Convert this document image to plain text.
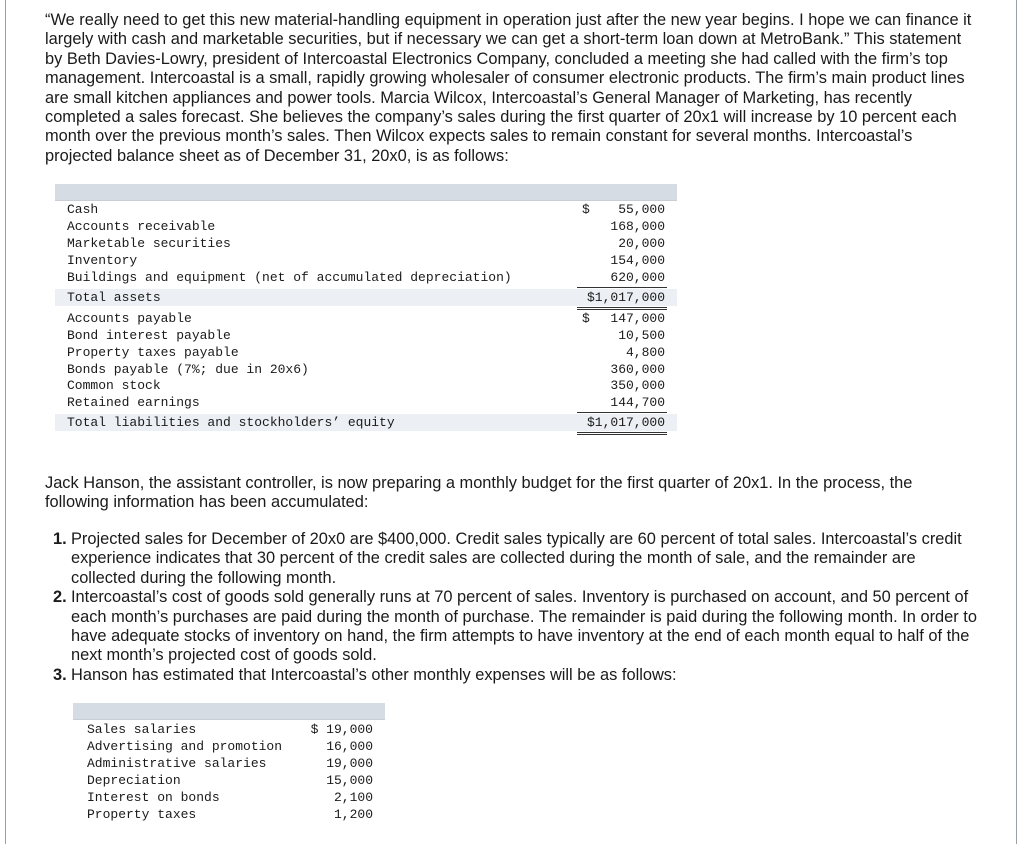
“We really need to get this new material-handling equipment in operation just after the new year begins. I hope we can finance it largely with cash and marketable securities, but if necessary we can get a short-term loan down at MetroBank.” This statement by Beth Davies-Lowry, president of Intercoastal Electronics Company, concluded a meeting she had called with the firm’s top management. Intercoastal is a small, rapidly growing wholesaler of consumer electronic products. The firm’s main product lines are small kitchen appliances and power tools. Marcia Wilcox, Intercoastal’s General Manager of Marketing, has recently completed a sales forecast. She believes the company’s sales during the first quarter of 20x1 will increase by 10 percent each month over the previous month’s sales. Then Wilcox expects sales to remain constant for several months. Intercoastal’s projected balance sheet as of December 31, 20x0, is as follows:

Cash	$ 55,000
Accounts receivable	168,000
Marketable securities	20,000
Inventory	154,000
Buildings and equipment (net of accumulated depreciation)	620,000
Total assets	$1,017,000
Accounts payable	$ 147,000
Bond interest payable	10,500
Property taxes payable	4,800
Bonds payable (7%; due in 20x6)	360,000
Common stock	350,000
Retained earnings	144,700
Total liabilities and stockholders’ equity	$1,017,000

Jack Hanson, the assistant controller, is now preparing a monthly budget for the first quarter of 20x1. In the process, the following information has been accumulated:

1. Projected sales for December of 20x0 are $400,000. Credit sales typically are 60 percent of total sales. Intercoastal’s credit experience indicates that 30 percent of the credit sales are collected during the month of sale, and the remainder are collected during the following month.
2. Intercoastal’s cost of goods sold generally runs at 70 percent of sales. Inventory is purchased on account, and 50 percent of each month’s purchases are paid during the month of purchase. The remainder is paid during the following month. In order to have adequate stocks of inventory on hand, the firm attempts to have inventory at the end of each month equal to half of the next month’s projected cost of goods sold.
3. Hanson has estimated that Intercoastal’s other monthly expenses will be as follows:
Sales salaries	$ 19,000
Advertising and promotion	16,000
Administrative salaries	19,000
Depreciation	15,000
Interest on bonds	2,100
Property taxes	1,200
